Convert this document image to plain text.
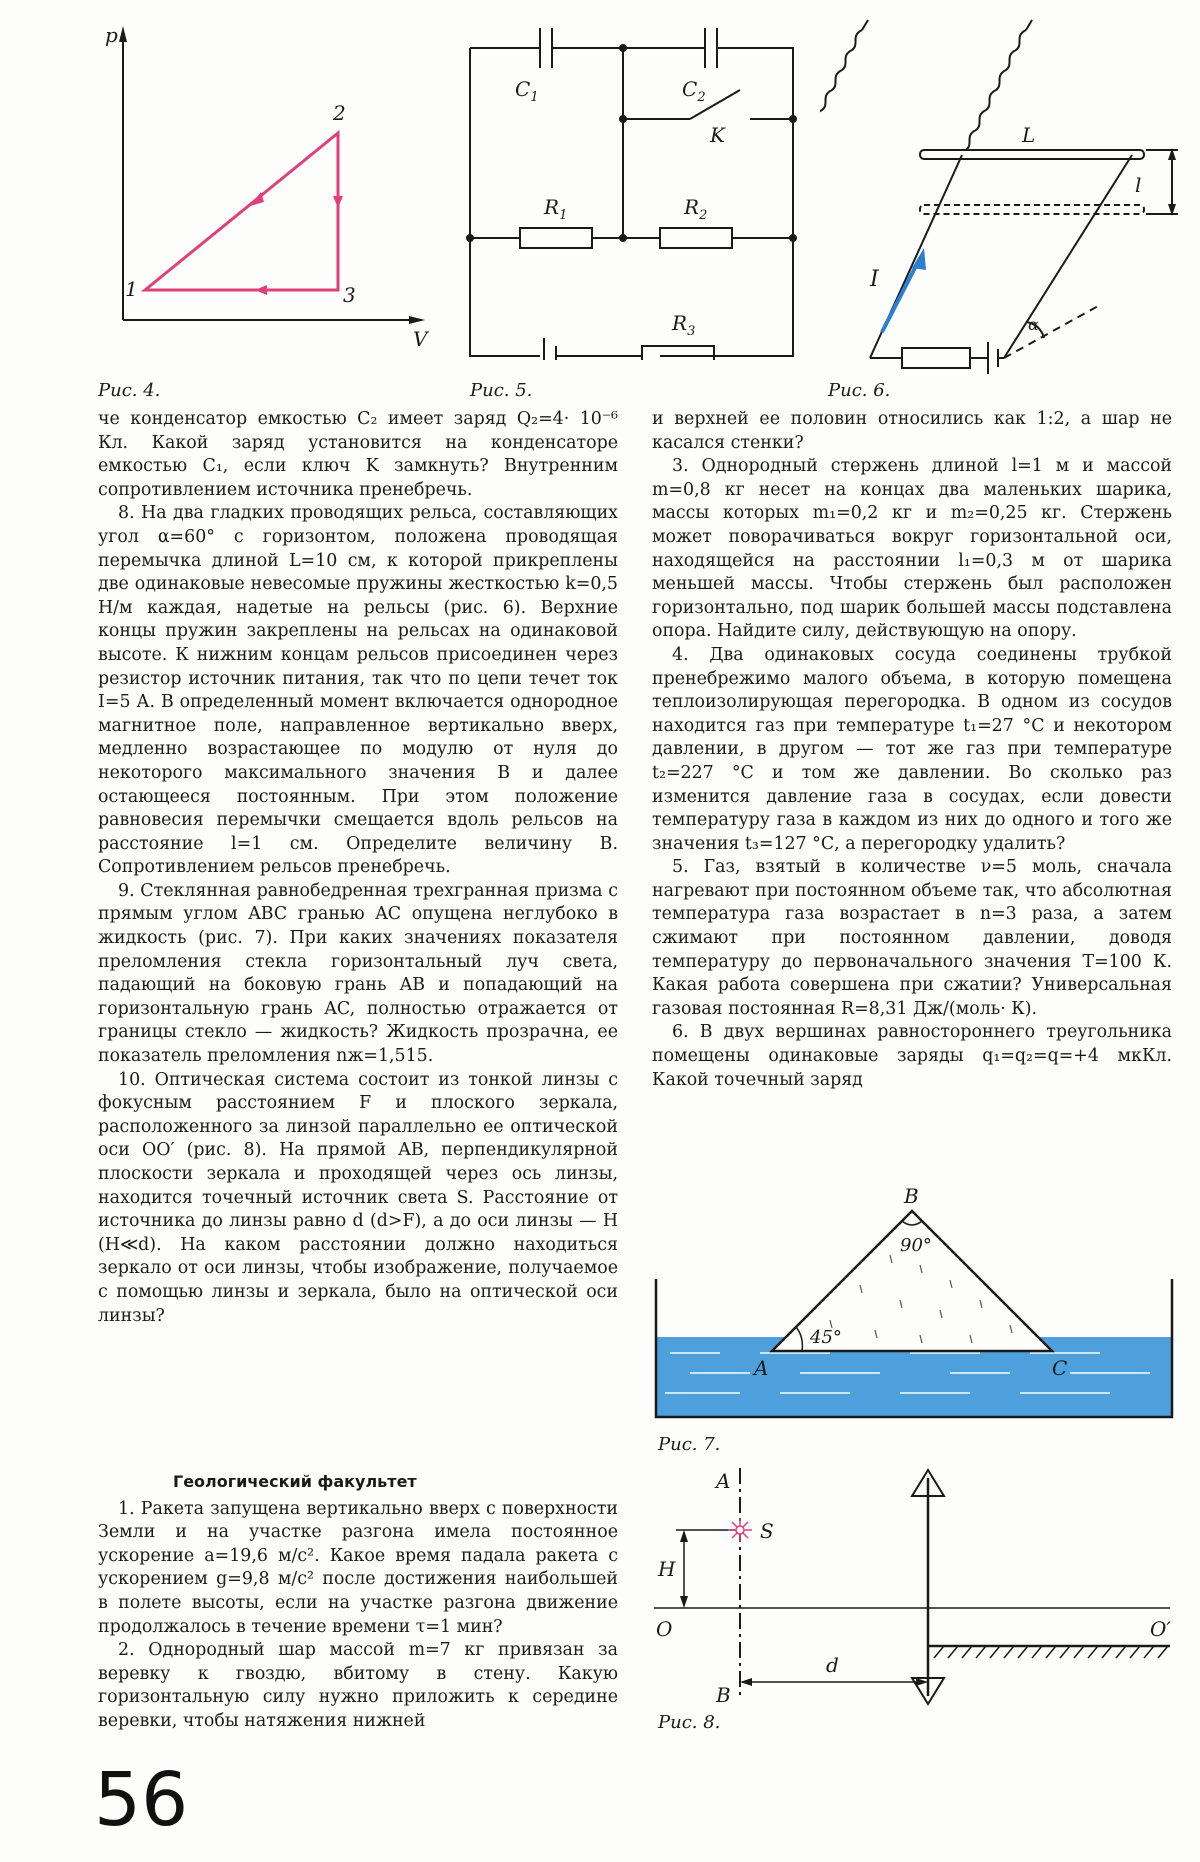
p
V
1
2
3
Рис. 4.
$C_1$	$C_2$
K
$R_1$	$R_2$
$R_3$
Рис. 5.
L
l
I
α
Рис. 6.

че конденсатор емкостью C₂ имеет заряд Q₂=4· 10⁻⁶ Кл. Какой заряд установится на конденсаторе емкостью C₁, если ключ K замкнуть? Внутренним сопротивлением источника пренебречь.

8. На два гладких проводящих рельса, составляющих угол α=60° с горизонтом, положена проводящая перемычка длиной L=10 см, к которой прикреплены две одинаковые невесомые пружины жесткостью k=0,5 Н/м каждая, надетые на рельсы (рис. 6). Верхние концы пружин закреплены на рельсах на одинаковой высоте. К нижним концам рельсов присоединен через резистор источник питания, так что по цепи течет ток I=5 А. В определенный момент включается однородное магнитное поле, направленное вертикально вверх, медленно возрастающее по модулю от нуля до некоторого максимального значения B и далее остающееся постоянным. При этом положение равновесия перемычки смещается вдоль рельсов на расстояние l=1 см. Определите величину B. Сопротивлением рельсов пренебречь.

9. Стеклянная равнобедренная трехгранная призма с прямым углом ABC гранью AC опущена неглубоко в жидкость (рис. 7). При каких значениях показателя преломления стекла горизонтальный луч света, падающий на боковую грань AB и попадающий на горизонтальную грань AC, полностью отражается от границы стекло — жидкость? Жидкость прозрачна, ее показатель преломления nж=1,515.

10. Оптическая система состоит из тонкой линзы с фокусным расстоянием F и плоского зеркала, расположенного за линзой параллельно ее оптической оси OO′ (рис. 8). На прямой AB, перпендикулярной плоскости зеркала и проходящей через ось линзы, находится точечный источник света S. Расстояние от источника до линзы равно d (d>F), а до оси линзы — H (H≪d). На каком расстоянии должно находиться зеркало от оси линзы, чтобы изображение, получаемое с помощью линзы и зеркала, было на оптической оси линзы?

Геологический факультет

1. Ракета запущена вертикально вверх с поверхности Земли и на участке разгона имела постоянное ускорение a=19,6 м/с². Какое время падала ракета с ускорением g=9,8 м/с² после достижения наибольшей в полете высоты, если на участке разгона движение продолжалось в течение времени τ=1 мин?

2. Однородный шар массой m=7 кг привязан за веревку к гвоздю, вбитому в стену. Какую горизонтальную силу нужно приложить к середине веревки, чтобы натяжения нижней

и верхней ее половин относились как 1:2, а шар не касался стенки?

3. Однородный стержень длиной l=1 м и массой m=0,8 кг несет на концах два маленьких шарика, массы которых m₁=0,2 кг и m₂=0,25 кг. Стержень может поворачиваться вокруг горизонтальной оси, находящейся на расстоянии l₁=0,3 м от шарика меньшей массы. Чтобы стержень был расположен горизонтально, под шарик большей массы подставлена опора. Найдите силу, действующую на опору.

4. Два одинаковых сосуда соединены трубкой пренебрежимо малого объема, в которую помещена теплоизолирующая перегородка. В одном из сосудов находится газ при температуре t₁=27 °С и некотором давлении, в другом — тот же газ при температуре t₂=227 °С и том же давлении. Во сколько раз изменится давление газа в сосудах, если довести температуру газа в каждом из них до одного и того же значения t₃=127 °С, а перегородку удалить?

5. Газ, взятый в количестве ν=5 моль, сначала нагревают при постоянном объеме так, что абсолютная температура газа возрастает в n=3 раза, а затем сжимают при постоянном давлении, доводя температуру до первоначального значения T=100 К. Какая работа совершена при сжатии? Универсальная газовая постоянная R=8,31 Дж/(моль· К).

6. В двух вершинах равностороннего треугольника помещены одинаковые заряды q₁=q₂=q=+4 мкКл. Какой точечный заряд

B
90°
45°
A	C
Рис. 7.
A
S
H
O	O′
d
B
Рис. 8.
56
